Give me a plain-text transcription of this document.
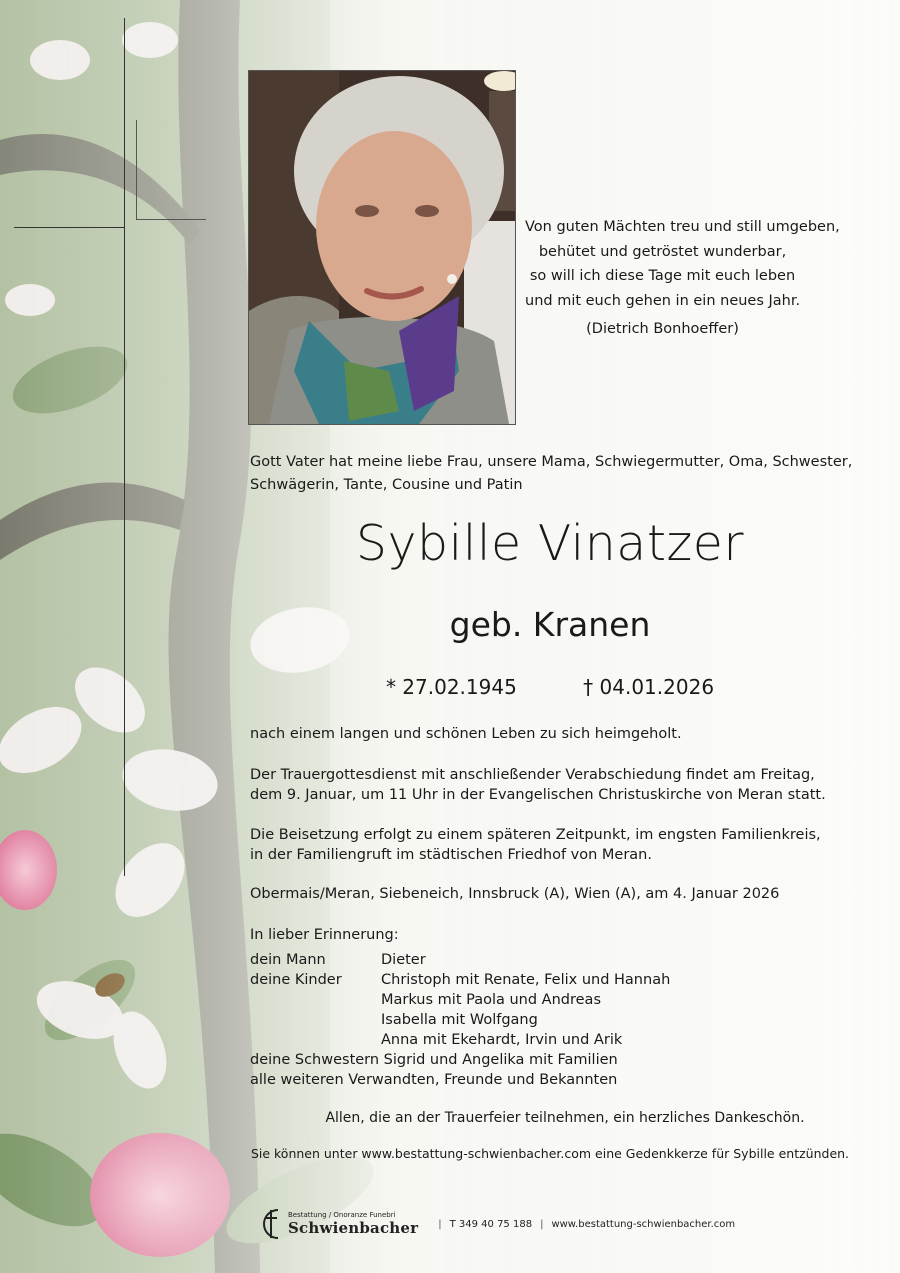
Von guten Mächten treu und still umgeben,
behütet und getröstet wunderbar,
so will ich diese Tage mit euch leben
und mit euch gehen in ein neues Jahr.
(Dietrich Bonhoeffer)
Gott Vater hat meine liebe Frau, unsere Mama, Schwiegermutter, Oma, Schwester,
Schwägerin, Tante, Cousine und Patin
Sybille Vinatzer
geb. Kranen
* 27.02.1945	† 04.01.2026
nach einem langen und schönen Leben zu sich heimgeholt.
Der Trauergottesdienst mit anschließender Verabschiedung findet am Freitag,
dem 9. Januar, um 11 Uhr in der Evangelischen Christuskirche von Meran statt.
Die Beisetzung erfolgt zu einem späteren Zeitpunkt, im engsten Familienkreis,
in der Familiengruft im städtischen Friedhof von Meran.
Obermais/Meran, Siebeneich, Innsbruck (A), Wien (A), am 4. Januar 2026
In lieber Erinnerung:
dein Mann	Dieter
deine Kinder	Christoph mit Renate, Felix und Hannah
Markus mit Paola und Andreas
Isabella mit Wolfgang
Anna mit Ekehardt, Irvin und Arik
deine Schwestern Sigrid und Angelika mit Familien
alle weiteren Verwandten, Freunde und Bekannten
Allen, die an der Trauerfeier teilnehmen, ein herzliches Dankeschön.
Sie können unter www.bestattung-schwienbacher.com eine Gedenkkerze für Sybille entzünden.
Bestattung / Onoranze Funebri
Schwienbacher | T 349 40 75 188 | www.bestattung-schwienbacher.com
